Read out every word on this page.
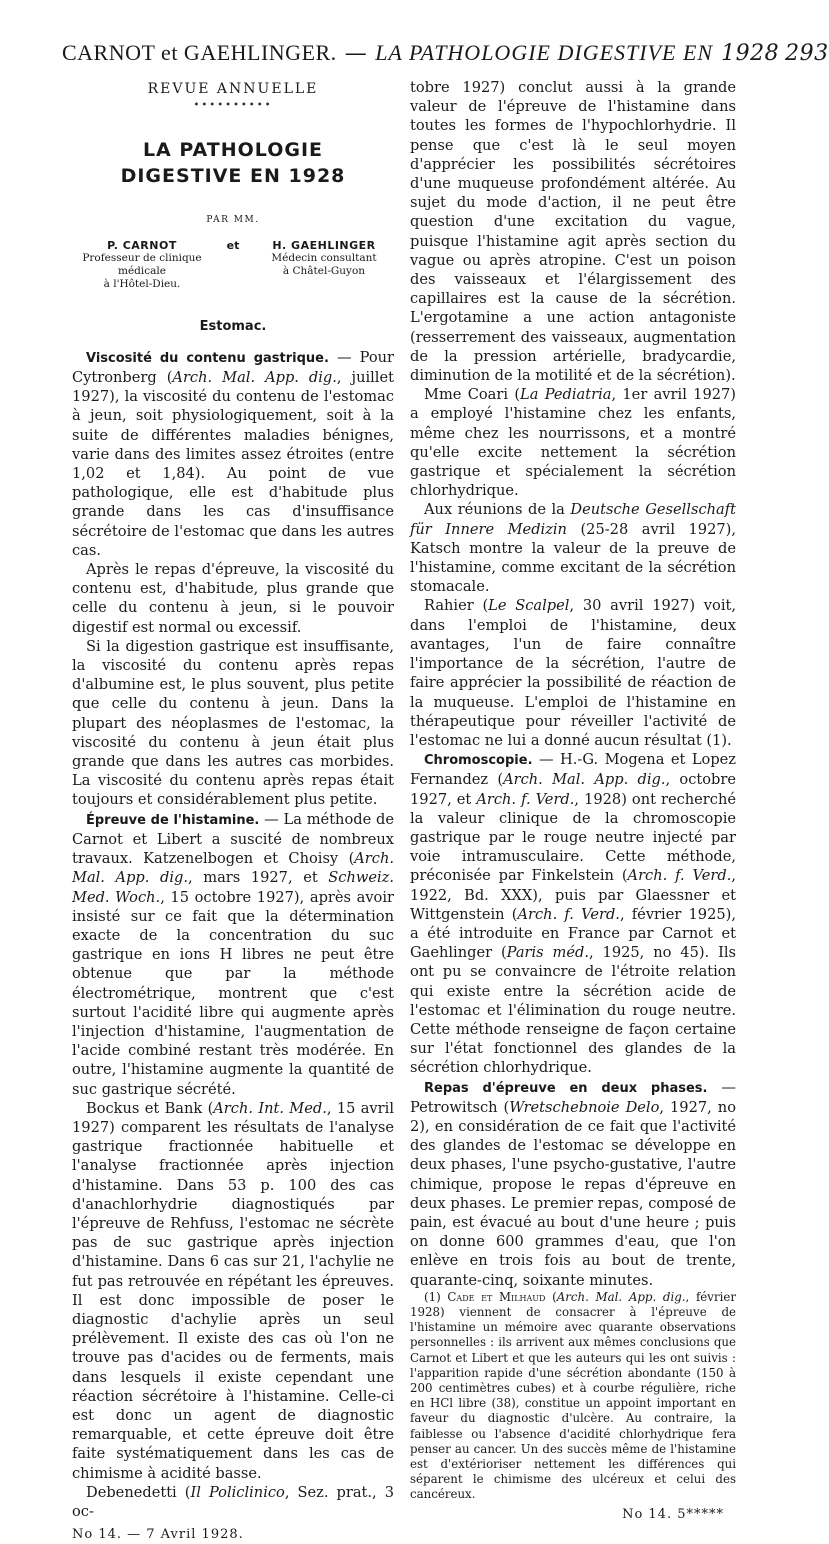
CARNOT et GAEHLINGER. — LA PATHOLOGIE DIGESTIVE EN 1928 293
REVUE ANNUELLE
••••••••••
LA PATHOLOGIE
DIGESTIVE EN 1928
PAR MM.
P. CARNOT
Professeur de clinique médicale
à l'Hôtel-Dieu.
et	H. GAEHLINGER
Médecin consultant
à Châtel-Guyon
Estomac.

Viscosité du contenu gastrique. — Pour Cytronberg (Arch. Mal. App. dig., juillet 1927), la viscosité du contenu de l'estomac à jeun, soit physiologiquement, soit à la suite de différentes maladies bénignes, varie dans des limites assez étroites (entre 1,02 et 1,84). Au point de vue pathologique, elle est d'habitude plus grande dans les cas d'insuffisance sécrétoire de l'estomac que dans les autres cas.

Après le repas d'épreuve, la viscosité du contenu est, d'habitude, plus grande que celle du contenu à jeun, si le pouvoir digestif est normal ou excessif.

Si la digestion gastrique est insuffisante, la viscosité du contenu après repas d'albumine est, le plus souvent, plus petite que celle du contenu à jeun. Dans la plupart des néoplasmes de l'estomac, la viscosité du contenu à jeun était plus grande que dans les autres cas morbides. La viscosité du contenu après repas était toujours et considérablement plus petite.

Épreuve de l'histamine. — La méthode de Carnot et Libert a suscité de nombreux travaux. Katzenelbogen et Choisy (Arch. Mal. App. dig., mars 1927, et Schweiz. Med. Woch., 15 octobre 1927), après avoir insisté sur ce fait que la détermination exacte de la concentration du suc gastrique en ions H libres ne peut être obtenue que par la méthode électrométrique, montrent que c'est surtout l'acidité libre qui augmente après l'injection d'histamine, l'augmentation de l'acide combiné restant très modérée. En outre, l'histamine augmente la quantité de suc gastrique sécrété.

Bockus et Bank (Arch. Int. Med., 15 avril 1927) comparent les résultats de l'analyse gastrique fractionnée habituelle et l'analyse fractionnée après injection d'histamine. Dans 53 p. 100 des cas d'anachlorhydrie diagnostiqués par l'épreuve de Rehfuss, l'estomac ne sécrète pas de suc gastrique après injection d'histamine. Dans 6 cas sur 21, l'achylie ne fut pas retrouvée en répétant les épreuves. Il est donc impossible de poser le diagnostic d'achylie après un seul prélèvement. Il existe des cas où l'on ne trouve pas d'acides ou de ferments, mais dans lesquels il existe cependant une réaction sécrétoire à l'histamine. Celle-ci est donc un agent de diagnostic remarquable, et cette épreuve doit être faite systématiquement dans les cas de chimisme à acidité basse.

Debenedetti (Il Policlinico, Sez. prat., 3 oc-

No 14. — 7 Avril 1928.

tobre 1927) conclut aussi à la grande valeur de l'épreuve de l'histamine dans toutes les formes de l'hypochlorhydrie. Il pense que c'est là le seul moyen d'apprécier les possibilités sécrétoires d'une muqueuse profondément altérée. Au sujet du mode d'action, il ne peut être question d'une excitation du vague, puisque l'histamine agit après section du vague ou après atropine. C'est un poison des vaisseaux et l'élargissement des capillaires est la cause de la sécrétion. L'ergotamine a une action antagoniste (resserrement des vaisseaux, augmentation de la pression artérielle, bradycardie, diminution de la motilité et de la sécrétion).

Mme Coari (La Pediatria, 1er avril 1927) a employé l'histamine chez les enfants, même chez les nourrissons, et a montré qu'elle excite nettement la sécrétion gastrique et spécialement la sécrétion chlorhydrique.

Aux réunions de la Deutsche Gesellschaft für Innere Medizin (25-28 avril 1927), Katsch montre la valeur de la preuve de l'histamine, comme excitant de la sécrétion stomacale.

Rahier (Le Scalpel, 30 avril 1927) voit, dans l'emploi de l'histamine, deux avantages, l'un de faire connaître l'importance de la sécrétion, l'autre de faire apprécier la possibilité de réaction de la muqueuse. L'emploi de l'histamine en thérapeutique pour réveiller l'activité de l'estomac ne lui a donné aucun résultat (1).

Chromoscopie. — H.-G. Mogena et Lopez Fernandez (Arch. Mal. App. dig., octobre 1927, et Arch. f. Verd., 1928) ont recherché la valeur clinique de la chromoscopie gastrique par le rouge neutre injecté par voie intramusculaire. Cette méthode, préconisée par Finkelstein (Arch. f. Verd., 1922, Bd. XXX), puis par Glaessner et Wittgenstein (Arch. f. Verd., février 1925), a été introduite en France par Carnot et Gaehlinger (Paris méd., 1925, no 45). Ils ont pu se convaincre de l'étroite relation qui existe entre la sécrétion acide de l'estomac et l'élimination du rouge neutre. Cette méthode renseigne de façon certaine sur l'état fonctionnel des glandes de la sécrétion chlorhydrique.

Repas d'épreuve en deux phases. — Petrowitsch (Wretschebnoie Delo, 1927, no 2), en considération de ce fait que l'activité des glandes de l'estomac se développe en deux phases, l'une psycho-gustative, l'autre chimique, propose le repas d'épreuve en deux phases. Le premier repas, composé de pain, est évacué au bout d'une heure ; puis on donne 600 grammes d'eau, que l'on enlève en trois fois au bout de trente, quarante-cinq, soixante minutes.

(1) Cade et Milhaud (Arch. Mal. App. dig., février 1928) viennent de consacrer à l'épreuve de l'histamine un mémoire avec quarante observations personnelles : ils arrivent aux mêmes conclusions que Carnot et Libert et que les auteurs qui les ont suivis : l'apparition rapide d'une sécrétion abondante (150 à 200 centimètres cubes) et à courbe régulière, riche en HCl libre (38), constitue un appoint important en faveur du diagnostic d'ulcère. Au contraire, la faiblesse ou l'absence d'acidité chlorhydrique fera penser au cancer. Un des succès même de l'histamine est d'extérioriser nettement les différences qui séparent le chimisme des ulcéreux et celui des cancéreux.

No 14. 5*****
